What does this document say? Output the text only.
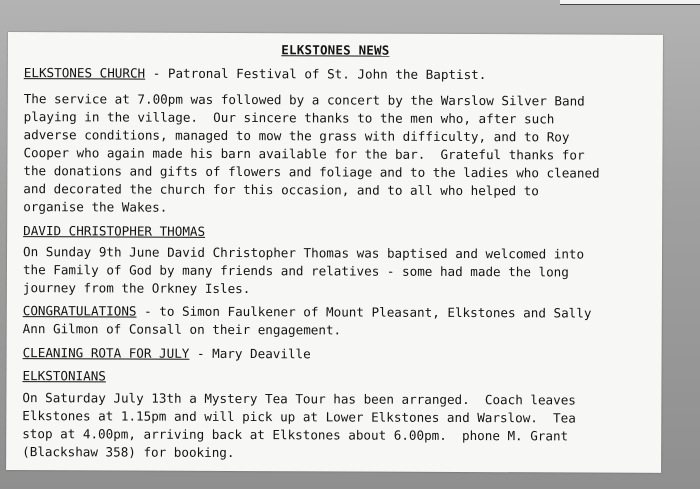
ELKSTONES NEWS
ELKSTONES CHURCH - Patronal Festival of St. John the Baptist.
The service at 7.00pm was followed by a concert by the Warslow Silver Band
playing in the village.  Our sincere thanks to the men who, after such
adverse conditions, managed to mow the grass with difficulty, and to Roy
Cooper who again made his barn available for the bar.  Grateful thanks for
the donations and gifts of flowers and foliage and to the ladies who cleaned
and decorated the church for this occasion, and to all who helped to
organise the Wakes.
DAVID CHRISTOPHER THOMAS
On Sunday 9th June David Christopher Thomas was baptised and welcomed into
the Family of God by many friends and relatives - some had made the long
journey from the Orkney Isles.
CONGRATULATIONS - to Simon Faulkener of Mount Pleasant, Elkstones and Sally
Ann Gilmon of Consall on their engagement.
CLEANING ROTA FOR JULY - Mary Deaville
ELKSTONIANS
On Saturday July 13th a Mystery Tea Tour has been arranged.  Coach leaves
Elkstones at 1.15pm and will pick up at Lower Elkstones and Warslow.  Tea
stop at 4.00pm, arriving back at Elkstones about 6.00pm.  phone M. Grant
(Blackshaw 358) for booking.
​
